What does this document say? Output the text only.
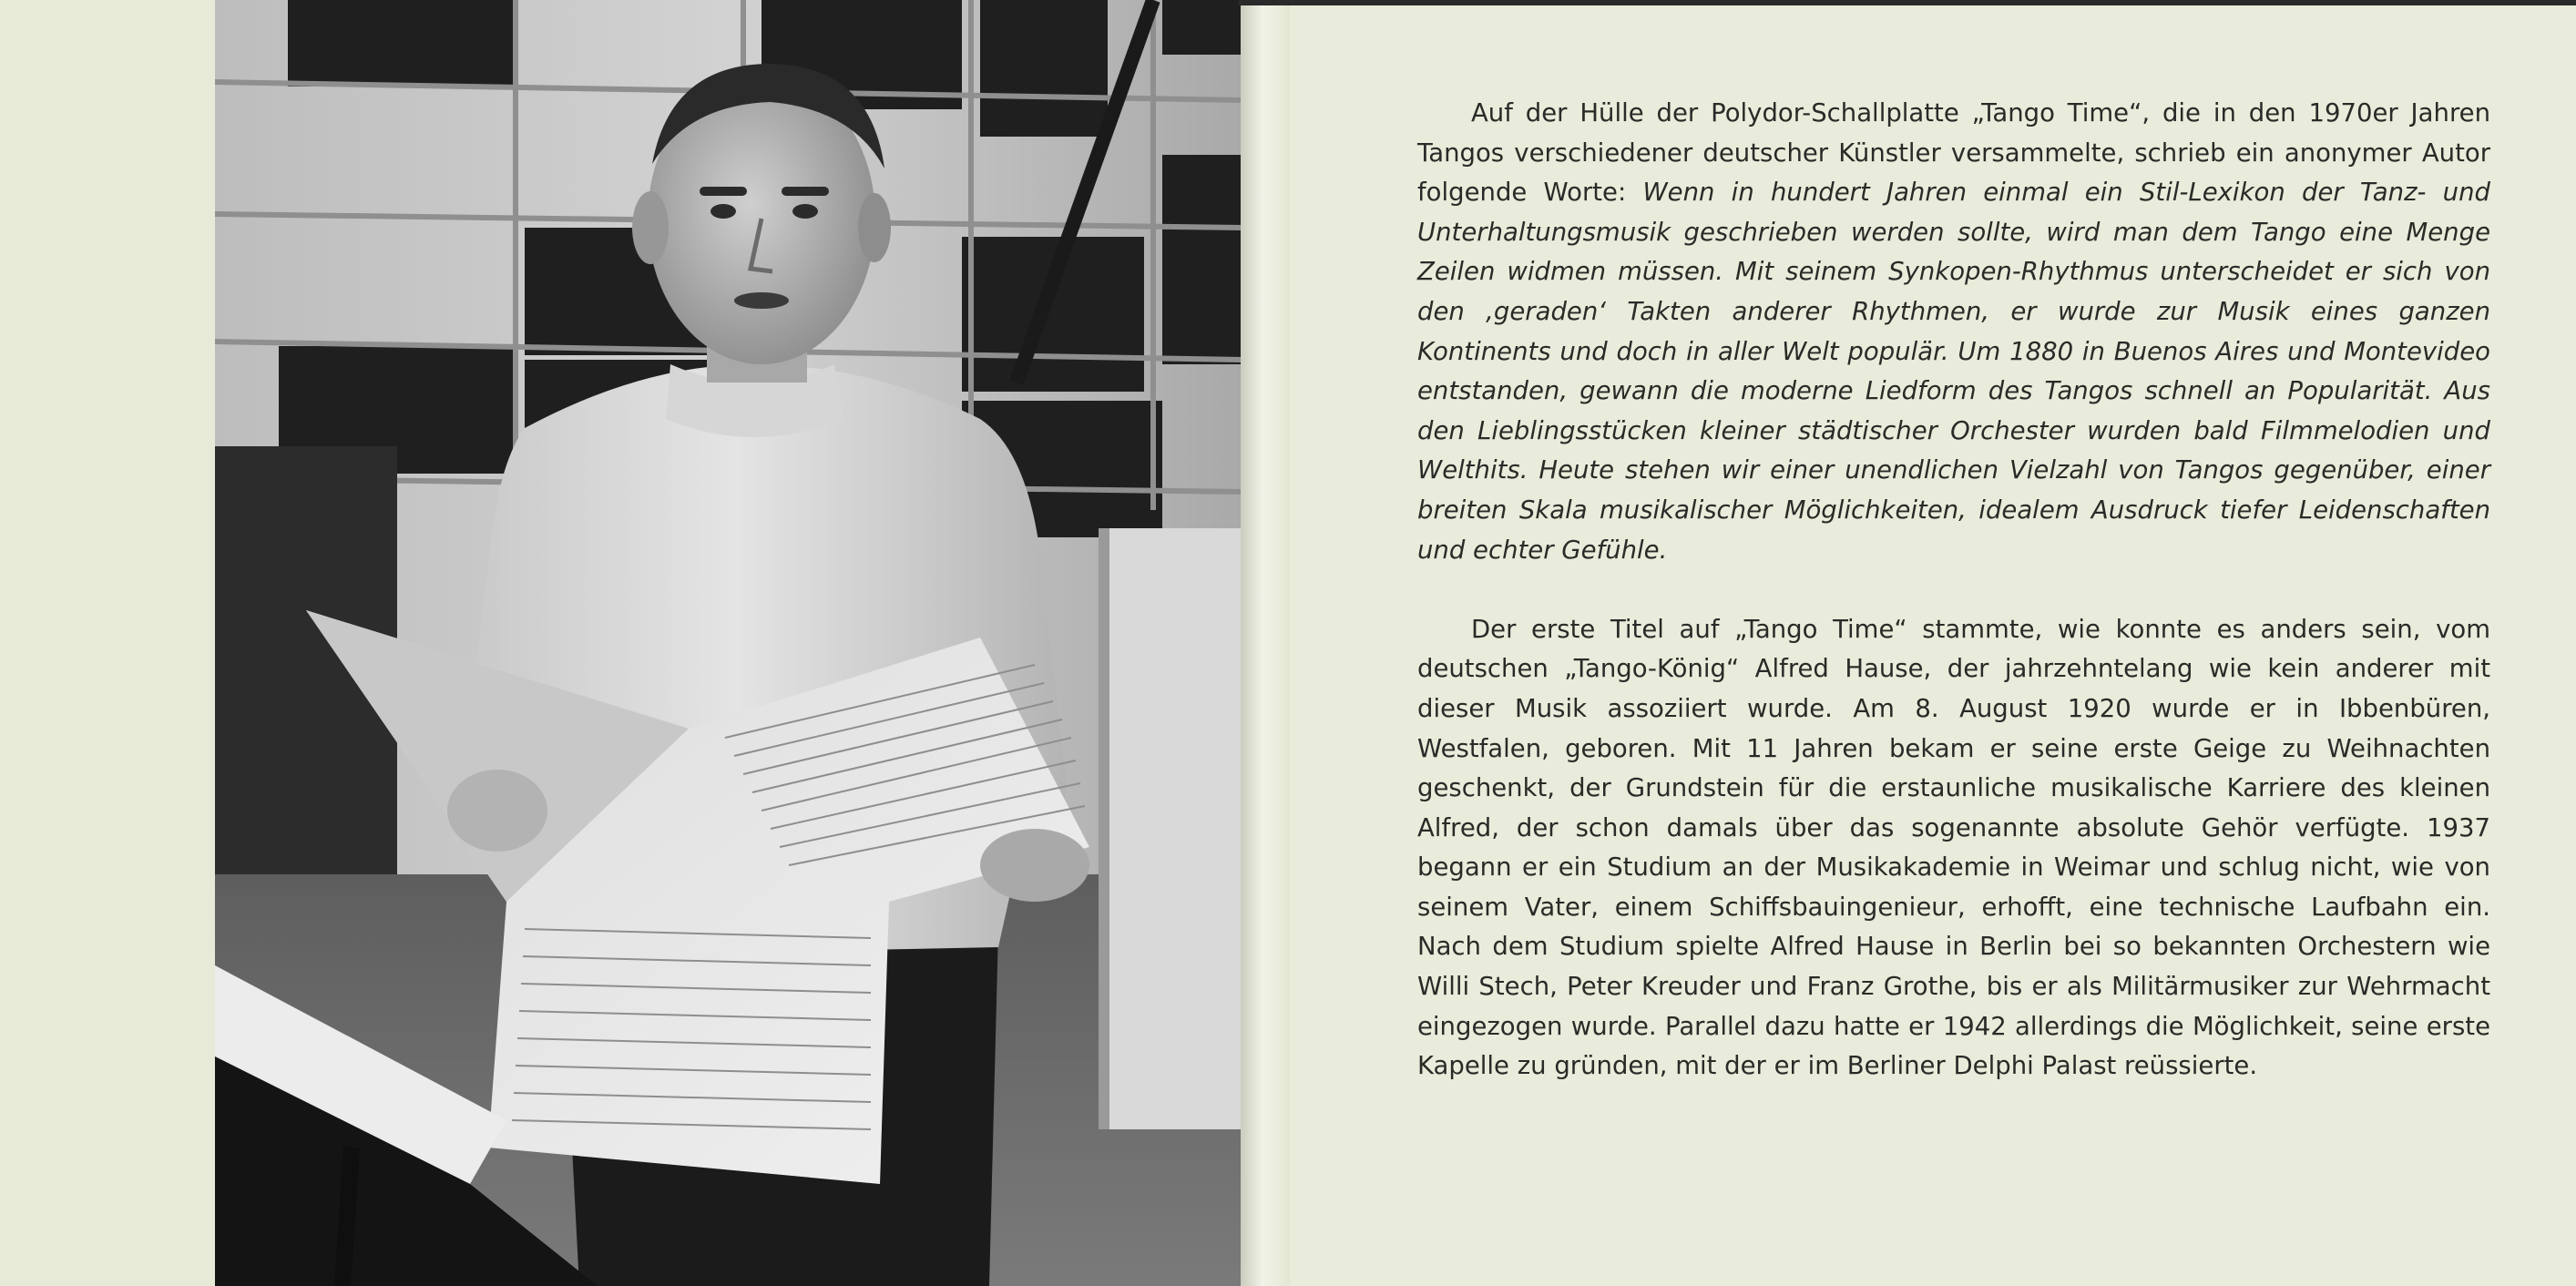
Auf der Hülle der Polydor-Schallplatte „Tango Time“, die in den 1970er Jahren Tangos verschiedener deutscher Künstler versammelte, schrieb ein anonymer Autor folgende Worte: Wenn in hundert Jahren einmal ein Stil-Lexikon der Tanz- und Unterhaltungsmusik geschrieben werden sollte, wird man dem Tango eine Menge Zeilen widmen müssen. Mit seinem Synkopen-Rhythmus unterscheidet er sich von den ‚geraden‘ Takten anderer Rhythmen, er wurde zur Musik eines ganzen Kontinents und doch in aller Welt populär. Um 1880 in Buenos Aires und Montevideo entstanden, gewann die moderne Liedform des Tangos schnell an Popularität. Aus den Lieblingsstücken kleiner städtischer Orchester wurden bald Filmmelodien und Welthits. Heute stehen wir einer unendlichen Vielzahl von Tangos gegenüber, einer breiten Skala musikalischer Möglichkeiten, idealem Ausdruck tiefer Leidenschaften und echter Gefühle.

Der erste Titel auf „Tango Time“ stammte, wie konnte es anders sein, vom deutschen „Tango-König“ Alfred Hause, der jahrzehntelang wie kein anderer mit dieser Musik assoziiert wurde. Am 8. August 1920 wurde er in Ibbenbüren, Westfalen, geboren. Mit 11 Jahren bekam er seine erste Geige zu Weihnachten geschenkt, der Grundstein für die erstaunliche musikalische Karriere des kleinen Alfred, der schon damals über das sogenannte absolute Gehör verfügte. 1937 begann er ein Studium an der Musikakademie in Weimar und schlug nicht, wie von seinem Vater, einem Schiffsbauingenieur, erhofft, eine technische Laufbahn ein. Nach dem Studium spielte Alfred Hause in Berlin bei so bekannten Orchestern wie Willi Stech, Peter Kreuder und Franz Grothe, bis er als Militärmusiker zur Wehrmacht eingezogen wurde. Parallel dazu hatte er 1942 allerdings die Möglichkeit, seine erste Kapelle zu gründen, mit der er im Berliner Delphi Palast reüssierte.
